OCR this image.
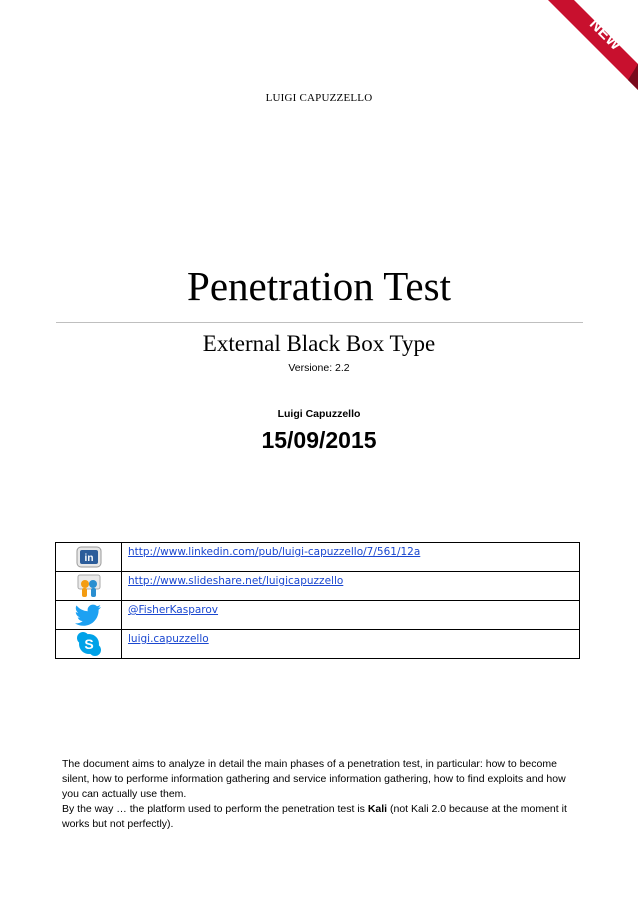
NEW
LUIGI CAPUZZELLO
Penetration Test
External Black Box Type
Versione: 2.2
Luigi Capuzzello
15/09/2015
in	http://www.linkedin.com/pub/luigi-capuzzello/7/561/12a

	http://www.slideshare.net/luigicapuzzello

	@FisherKasparov

S	luigi.capuzzello

The document aims to analyze in detail the main phases of a penetration test, in particular: how to become silent, how to performe information gathering and service information gathering, how to find exploits and how you can actually use them.

By the way … the platform used to perform the penetration test is Kali (not Kali 2.0 because at the moment it works but not perfectly).
